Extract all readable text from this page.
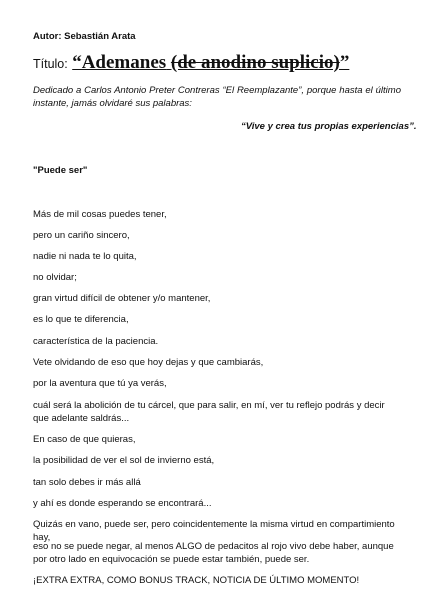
Autor: Sebastián Arata
Título: “Ademanes (de anodino suplicio)”
Dedicado a Carlos Antonio Preter Contreras “El Reemplazante”, porque hasta el último instante, jamás olvidaré sus palabras:
“Vive y crea tus propias experiencias”.
"Puede ser"
Más de mil cosas puedes tener,
pero un cariño sincero,
nadie ni nada te lo quita,
no olvidar;
gran virtud difícil de obtener y/o mantener,
es lo que te diferencia,
característica de la paciencia.
Vete olvidando de eso que hoy dejas y que cambiarás,
por la aventura que tú ya verás,
cuál será la abolición de tu cárcel, que para salir, en mí, ver tu reflejo podrás y decir que adelante saldrás...
En caso de que quieras,
la posibilidad de ver el sol de invierno está,
tan solo debes ir más allá
y ahí es donde esperando se encontrará...
Quizás en vano, puede ser, pero coincidentemente la misma virtud en compartimiento hay,
eso no se puede negar, al menos ALGO de pedacitos al rojo vivo debe haber, aunque por otro lado en equivocación se puede estar también, puede ser.
¡EXTRA EXTRA, COMO BONUS TRACK, NOTICIA DE ÚLTIMO MOMENTO!
